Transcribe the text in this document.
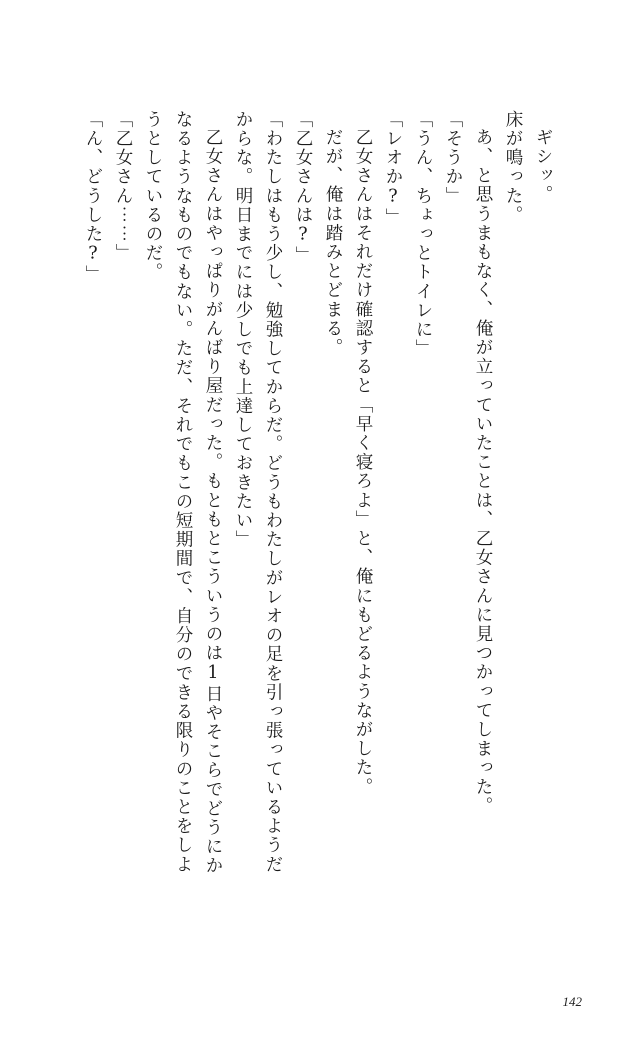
ギシッ。
床が鳴った。
あ、と思うまもなく、俺が立っていたことは、乙女さんに見つかってしまった。
「そうか」
「うん、ちょっとトイレに」
「レオか?」
乙女さんはそれだけ確認すると「早く寝ろよ」と、俺にもどるようながした。
だが、俺は踏みとどまる。
「乙女さんは?」
「わたしはもう少し、勉強してからだ。どうもわたしがレオの足を引っ張っているようだ
からな。明日までには少しでも上達しておきたい」
乙女さんはやっぱりがんばり屋だった。もともとこういうのは1日やそこらでどうにか
なるようなものでもない。ただ、それでもこの短期間で、自分のできる限りのことをしよ
うとしているのだ。
「乙女さん⋯⋯」
「ん、どうした?」
142
